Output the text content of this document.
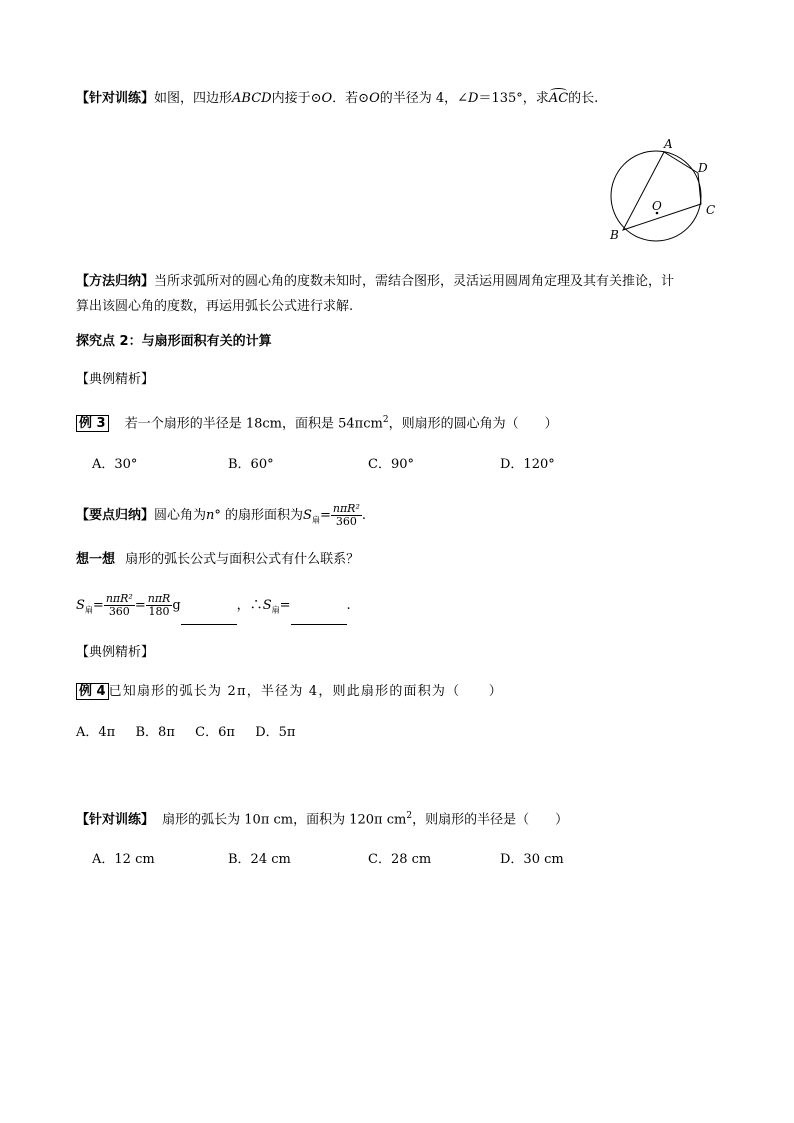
【针对训练】如图，四边形ABCD内接于⊙O．若⊙O的半径为 4，∠D＝135°，求AC
的长.
A
D
O	C
B
【方法归纳】当所求弧所对的圆心角的度数未知时，需结合图形，灵活运用圆周角定理及其有关推论，计
算出该圆心角的度数，再运用弧长公式进行求解.
探究点 2：与扇形面积有关的计算
【典例精析】
例 3 若一个扇形的半径是 18cm，面积是 54πcm$^2$，则扇形的圆心角为（　　）
A．30°	B．60°	C．90°	D．120°
【要点归纳】圆心角为n° 的扇形面积为$S_扇= \frac{\text{nπR²}}{360}$ .
想一想 扇形的弧长公式与面积公式有什么联系？
$S_扇= \frac{\text{nπR²}}{360} = \frac{\text{nπR}}{180}$ g	，$\therefore S_扇=$	.
【典例精析】
例 4 已知扇形的弧长为 2π，半径为 4，则此扇形的面积为（　　）
A．4π B．8π C．6π D．5π
【针对训练】 扇形的弧长为 10π cm，面积为 120π $cm^2$，则扇形的半径是（　　）
A．12 cm	B．24 cm	C．28 cm	D．30 cm
